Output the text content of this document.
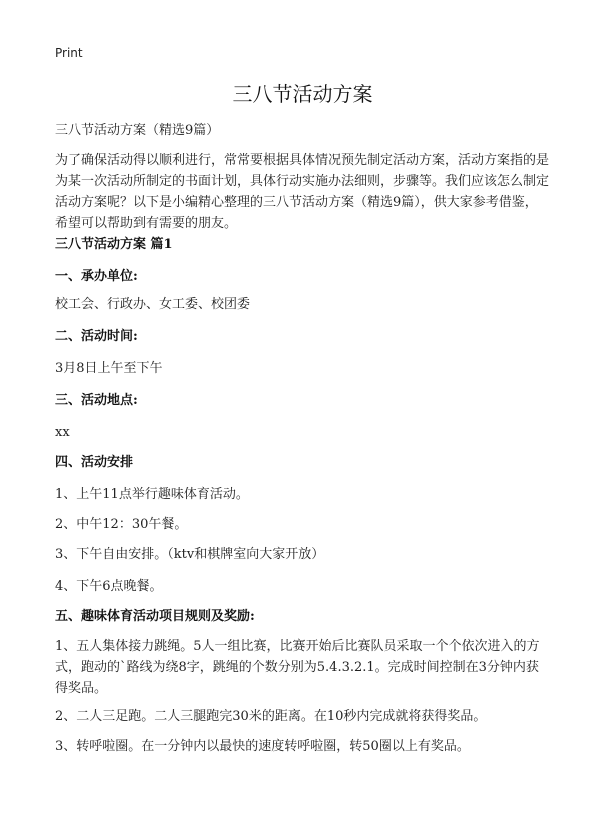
Print
三八节活动方案
三八节活动方案（精选9篇）
为了确保活动得以顺利进行，常常要根据具体情况预先制定活动方案，活动方案指的是为某一次活动所制定的书面计划，具体行动实施办法细则，步骤等。我们应该怎么制定活动方案呢？以下是小编精心整理的三八节活动方案（精选9篇），供大家参考借鉴，希望可以帮助到有需要的朋友。
三八节活动方案 篇1
一、承办单位:
校工会、行政办、女工委、校团委
二、活动时间:
3月8日上午至下午
三、活动地点:
xx
四、活动安排
1、上午11点举行趣味体育活动。
2、中午12：30午餐。
3、下午自由安排。（ktv和棋牌室向大家开放）
4、下午6点晚餐。
五、趣味体育活动项目规则及奖励:
1、五人集体接力跳绳。5人一组比赛，比赛开始后比赛队员采取一个个依次进入的方式，跑动的`路线为绕8字，跳绳的个数分别为5.4.3.2.1。完成时间控制在3分钟内获得奖品。
2、二人三足跑。二人三腿跑完30米的距离。在10秒内完成就将获得奖品。
3、转呼啦圈。在一分钟内以最快的速度转呼啦圈，转50圈以上有奖品。
